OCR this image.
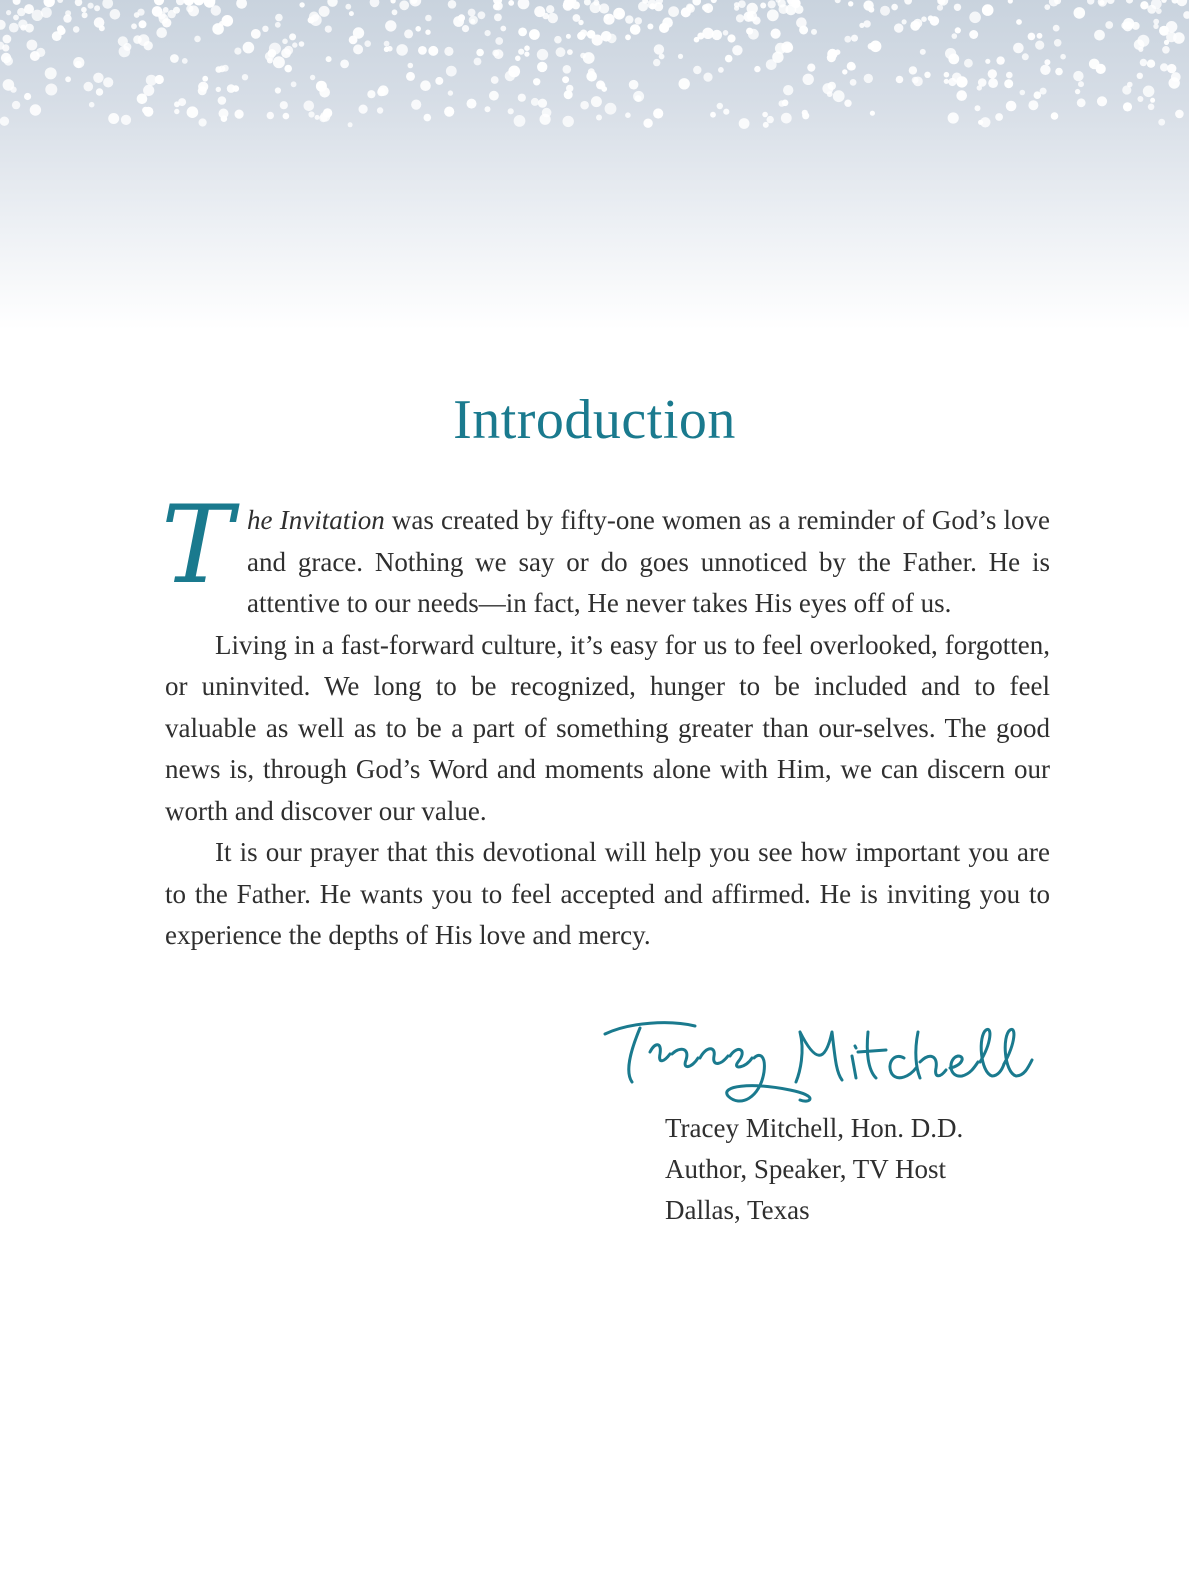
Introduction

The Invitation was created by fifty-one women as a reminder of God’s love and grace. Nothing we say or do goes unnoticed by the Father. He is attentive to our needs—in fact, He never takes His eyes off of us.

Living in a fast-forward culture, it’s easy for us to feel overlooked, forgotten, or uninvited. We long to be recognized, hunger to be included and to feel valuable as well as to be a part of something greater than our-selves. The good news is, through God’s Word and moments alone with Him, we can discern our worth and discover our value.

It is our prayer that this devotional will help you see how important you are to the Father. He wants you to feel accepted and affirmed. He is inviting you to experience the depths of His love and mercy.

Tracey Mitchell, Hon. D.D.
Author, Speaker, TV Host
Dallas, Texas
